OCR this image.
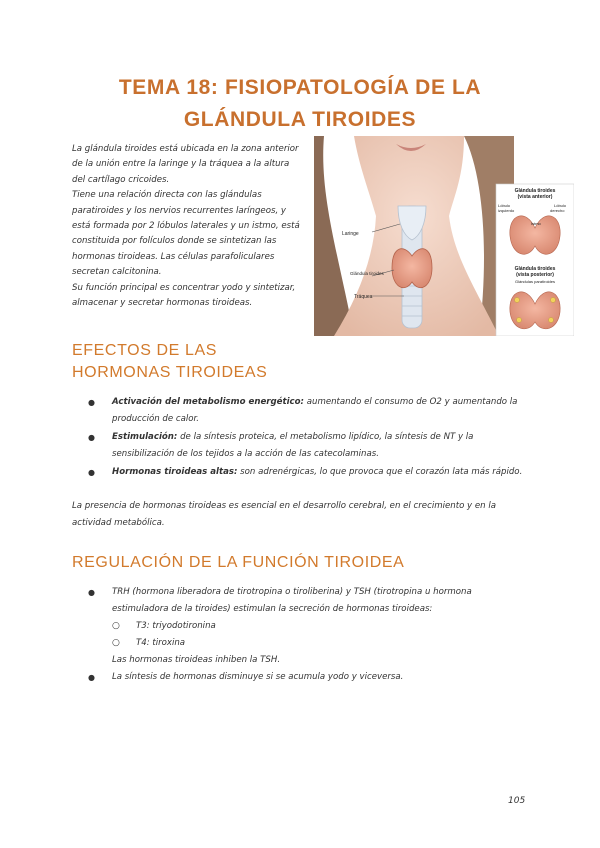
TEMA 18: FISIOPATOLOGÍA DE LA
GLÁNDULA TIROIDES

La glándula tiroides está ubicada en la zona anterior de la unión entre la laringe y la tráquea a la altura del cartílago cricoides.

Tiene una relación directa con las glándulas paratiroides y los nervios recurrentes laríngeos, y está formada por 2 lóbulos laterales y un istmo, está constituida por folículos donde se sintetizan las hormonas tiroideas. Las células parafoliculares secretan calcitonina.

Su función principal es concentrar yodo y sintetizar, almacenar y secretar hormonas tiroideas.

Laringe
Glándula tiroides
Tráquea
Glándula tiroides
(vista anterior)
Lóbulo
izquierdo
Lóbulo
derecho
Istmo
Glándula tiroides
(vista posterior)
Glándulas paratiroides
EFECTOS DE LAS
HORMONAS TIROIDEAS
● Activación del metabolismo energético: aumentando el consumo de O2 y aumentando la producción de calor.
● Estimulación: de la síntesis proteica, el metabolismo lipídico, la síntesis de NT y la sensibilización de los tejidos a la acción de las catecolaminas.
● Hormonas tiroideas altas: son adrenérgicas, lo que provoca que el corazón lata más rápido.

La presencia de hormonas tiroideas es esencial en el desarrollo cerebral, en el crecimiento y en la actividad metabólica.

REGULACIÓN DE LA FUNCIÓN TIROIDEA
● TRH (hormona liberadora de tirotropina o tiroliberina) y TSH (tirotropina u hormona estimuladora de la tiroides) estimulan la secreción de hormonas tiroideas:
○ T3: triyodotironina
○ T4: tiroxina
Las hormonas tiroideas inhiben la TSH.
● La síntesis de hormonas disminuye si se acumula yodo y viceversa.
105
